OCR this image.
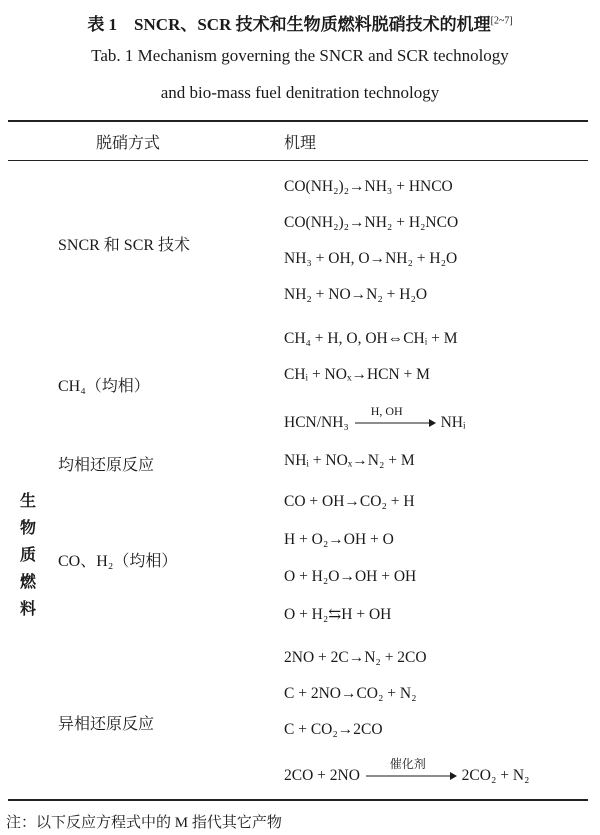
表 1　SNCR、SCR 技术和生物质燃料脱硝技术的机理[2~7]
Tab. 1 Mechanism governing the SNCR and SCR technology
and bio-mass fuel denitration technology
脱硝方式	机理
生
物
质
燃
料
SNCR 和 SCR 技术
CH₄（均相）
均相还原反应
CO、H₂（均相）
异相还原反应
CO(NH₂)₂→NH₃ + HNCO
CO(NH₂)₂→NH₂ + H₂NCO
NH₃ + OH, O→NH₂ + H₂O
NH₂ + NO→N₂ + H₂O
CH₄ + H, O, OH⇔CHᵢ + M
CHᵢ + NOₓ→HCN + M
HCN/NH₃
H, OH
NHᵢ
NHᵢ + NOₓ→N₂ + M
CO + OH→CO₂ + H
H + O₂→OH + O
O + H₂O→OH + OH
O + H₂⇆H + OH
2NO + 2C→N₂ + 2CO
C + 2NO→CO₂ + N₂
C + CO₂→2CO
2CO + 2NO
催化剂
2CO₂ + N₂
注：以下反应方程式中的 M 指代其它产物
